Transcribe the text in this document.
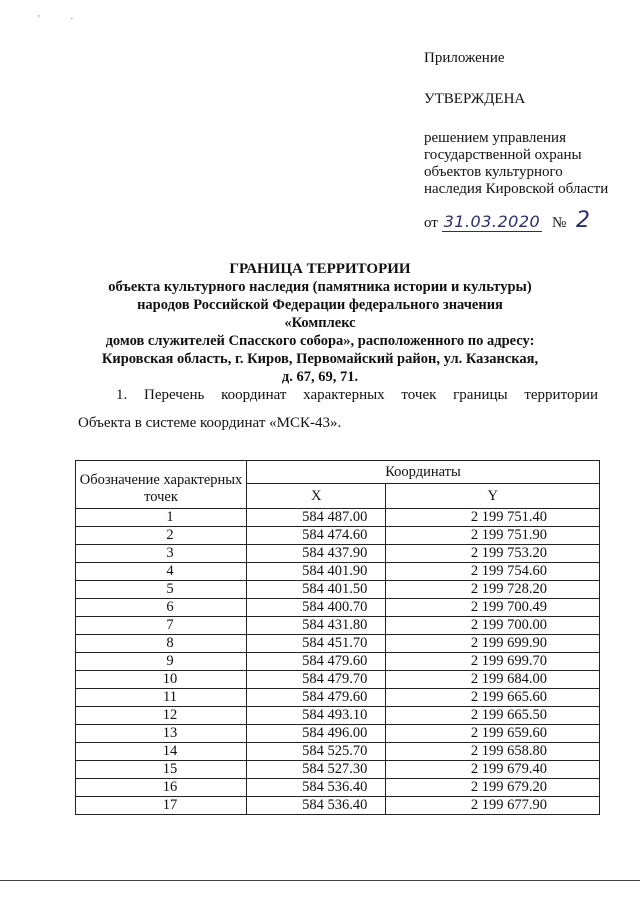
' ·
Приложение
УТВЕРЖДЕНА
решением управления
государственной охраны
объектов культурного
наследия Кировской области
от 31.03.2020 № 2
ГРАНИЦА ТЕРРИТОРИИ
объекта культурного наследия (памятника истории и культуры)
народов Российской Федерации федерального значения «Комплекс
домов служителей Спасского собора», расположенного по адресу:
Кировская область, г. Киров, Первомайский район, ул. Казанская,
д. 67, 69, 71.
1. Перечень координат характерных точек границы территории
Объекта в системе координат «МСК-43».
Обозначение характерных точек	Координаты	
	X	Y
1	584 487.00	2 199 751.40
2	584 474.60	2 199 751.90
3	584 437.90	2 199 753.20
4	584 401.90	2 199 754.60
5	584 401.50	2 199 728.20
6	584 400.70	2 199 700.49
7	584 431.80	2 199 700.00
8	584 451.70	2 199 699.90
9	584 479.60	2 199 699.70
10	584 479.70	2 199 684.00
11	584 479.60	2 199 665.60
12	584 493.10	2 199 665.50
13	584 496.00	2 199 659.60
14	584 525.70	2 199 658.80
15	584 527.30	2 199 679.40
16	584 536.40	2 199 679.20
17	584 536.40	2 199 677.90
